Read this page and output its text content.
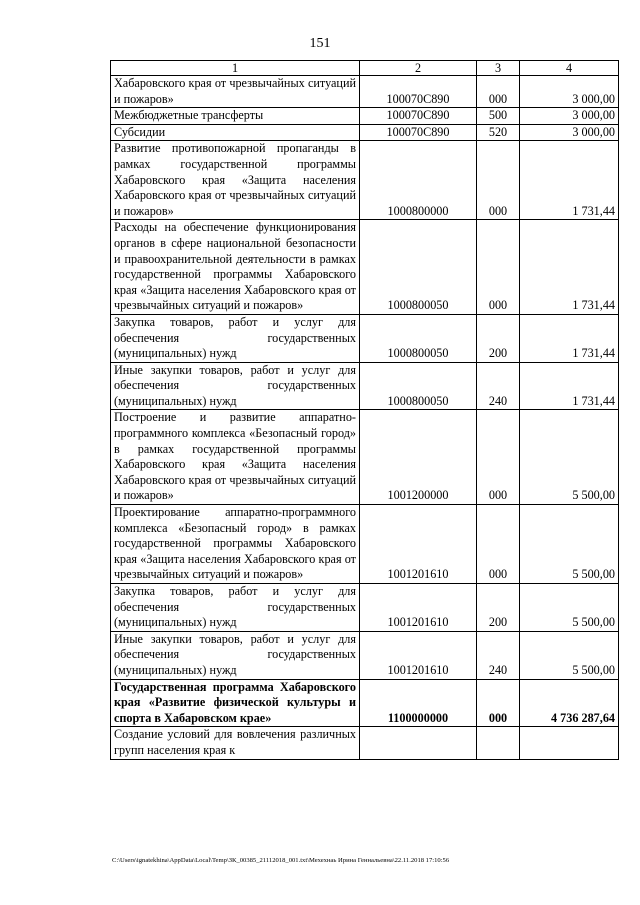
151
1	2	3	4
Хабаровского края от чрезвычайных ситуаций и пожаров»	100070С890	000	3 000,00
Межбюджетные трансферты	100070С890	500	3 000,00
Субсидии	100070С890	520	3 000,00
Развитие противопожарной пропаганды в рамках государственной программы Хабаровского края «Защита населения Хабаровского края от чрезвычайных ситуаций и пожаров»	1000800000	000	1 731,44
Расходы на обеспечение функционирования органов в сфере национальной безопасности и правоохранительной деятельности в рамках государственной программы Хабаровского края «Защита населения Хабаровского края от чрезвычайных ситуаций и пожаров»	1000800050	000	1 731,44
Закупка товаров, работ и услуг для обеспечения государственных (муниципальных) нужд	1000800050	200	1 731,44
Иные закупки товаров, работ и услуг для обеспечения государственных (муниципальных) нужд	1000800050	240	1 731,44
Построение и развитие аппаратно-программного комплекса «Безопасный город» в рамках государственной программы Хабаровского края «Защита населения Хабаровского края от чрезвычайных ситуаций и пожаров»	1001200000	000	5 500,00
Проектирование аппаратно-программного комплекса «Безопасный город» в рамках государственной программы Хабаровского края «Защита населения Хабаровского края от чрезвычайных ситуаций и пожаров»	1001201610	000	5 500,00
Закупка товаров, работ и услуг для обеспечения государственных (муниципальных) нужд	1001201610	200	5 500,00
Иные закупки товаров, работ и услуг для обеспечения государственных (муниципальных) нужд	1001201610	240	5 500,00
Государственная программа Хабаровского края «Развитие физической культуры и спорта в Хабаровском крае»	1100000000	000	4 736 287,64
Создание условий для вовлечения различных групп населения края к			
C:\Users\ignatekhina\AppData\Local\Temp\ЗК_00385_21112018_001.txt\Мехехнаь Ирина Геннальевна\22.11.2018 17:10:56
